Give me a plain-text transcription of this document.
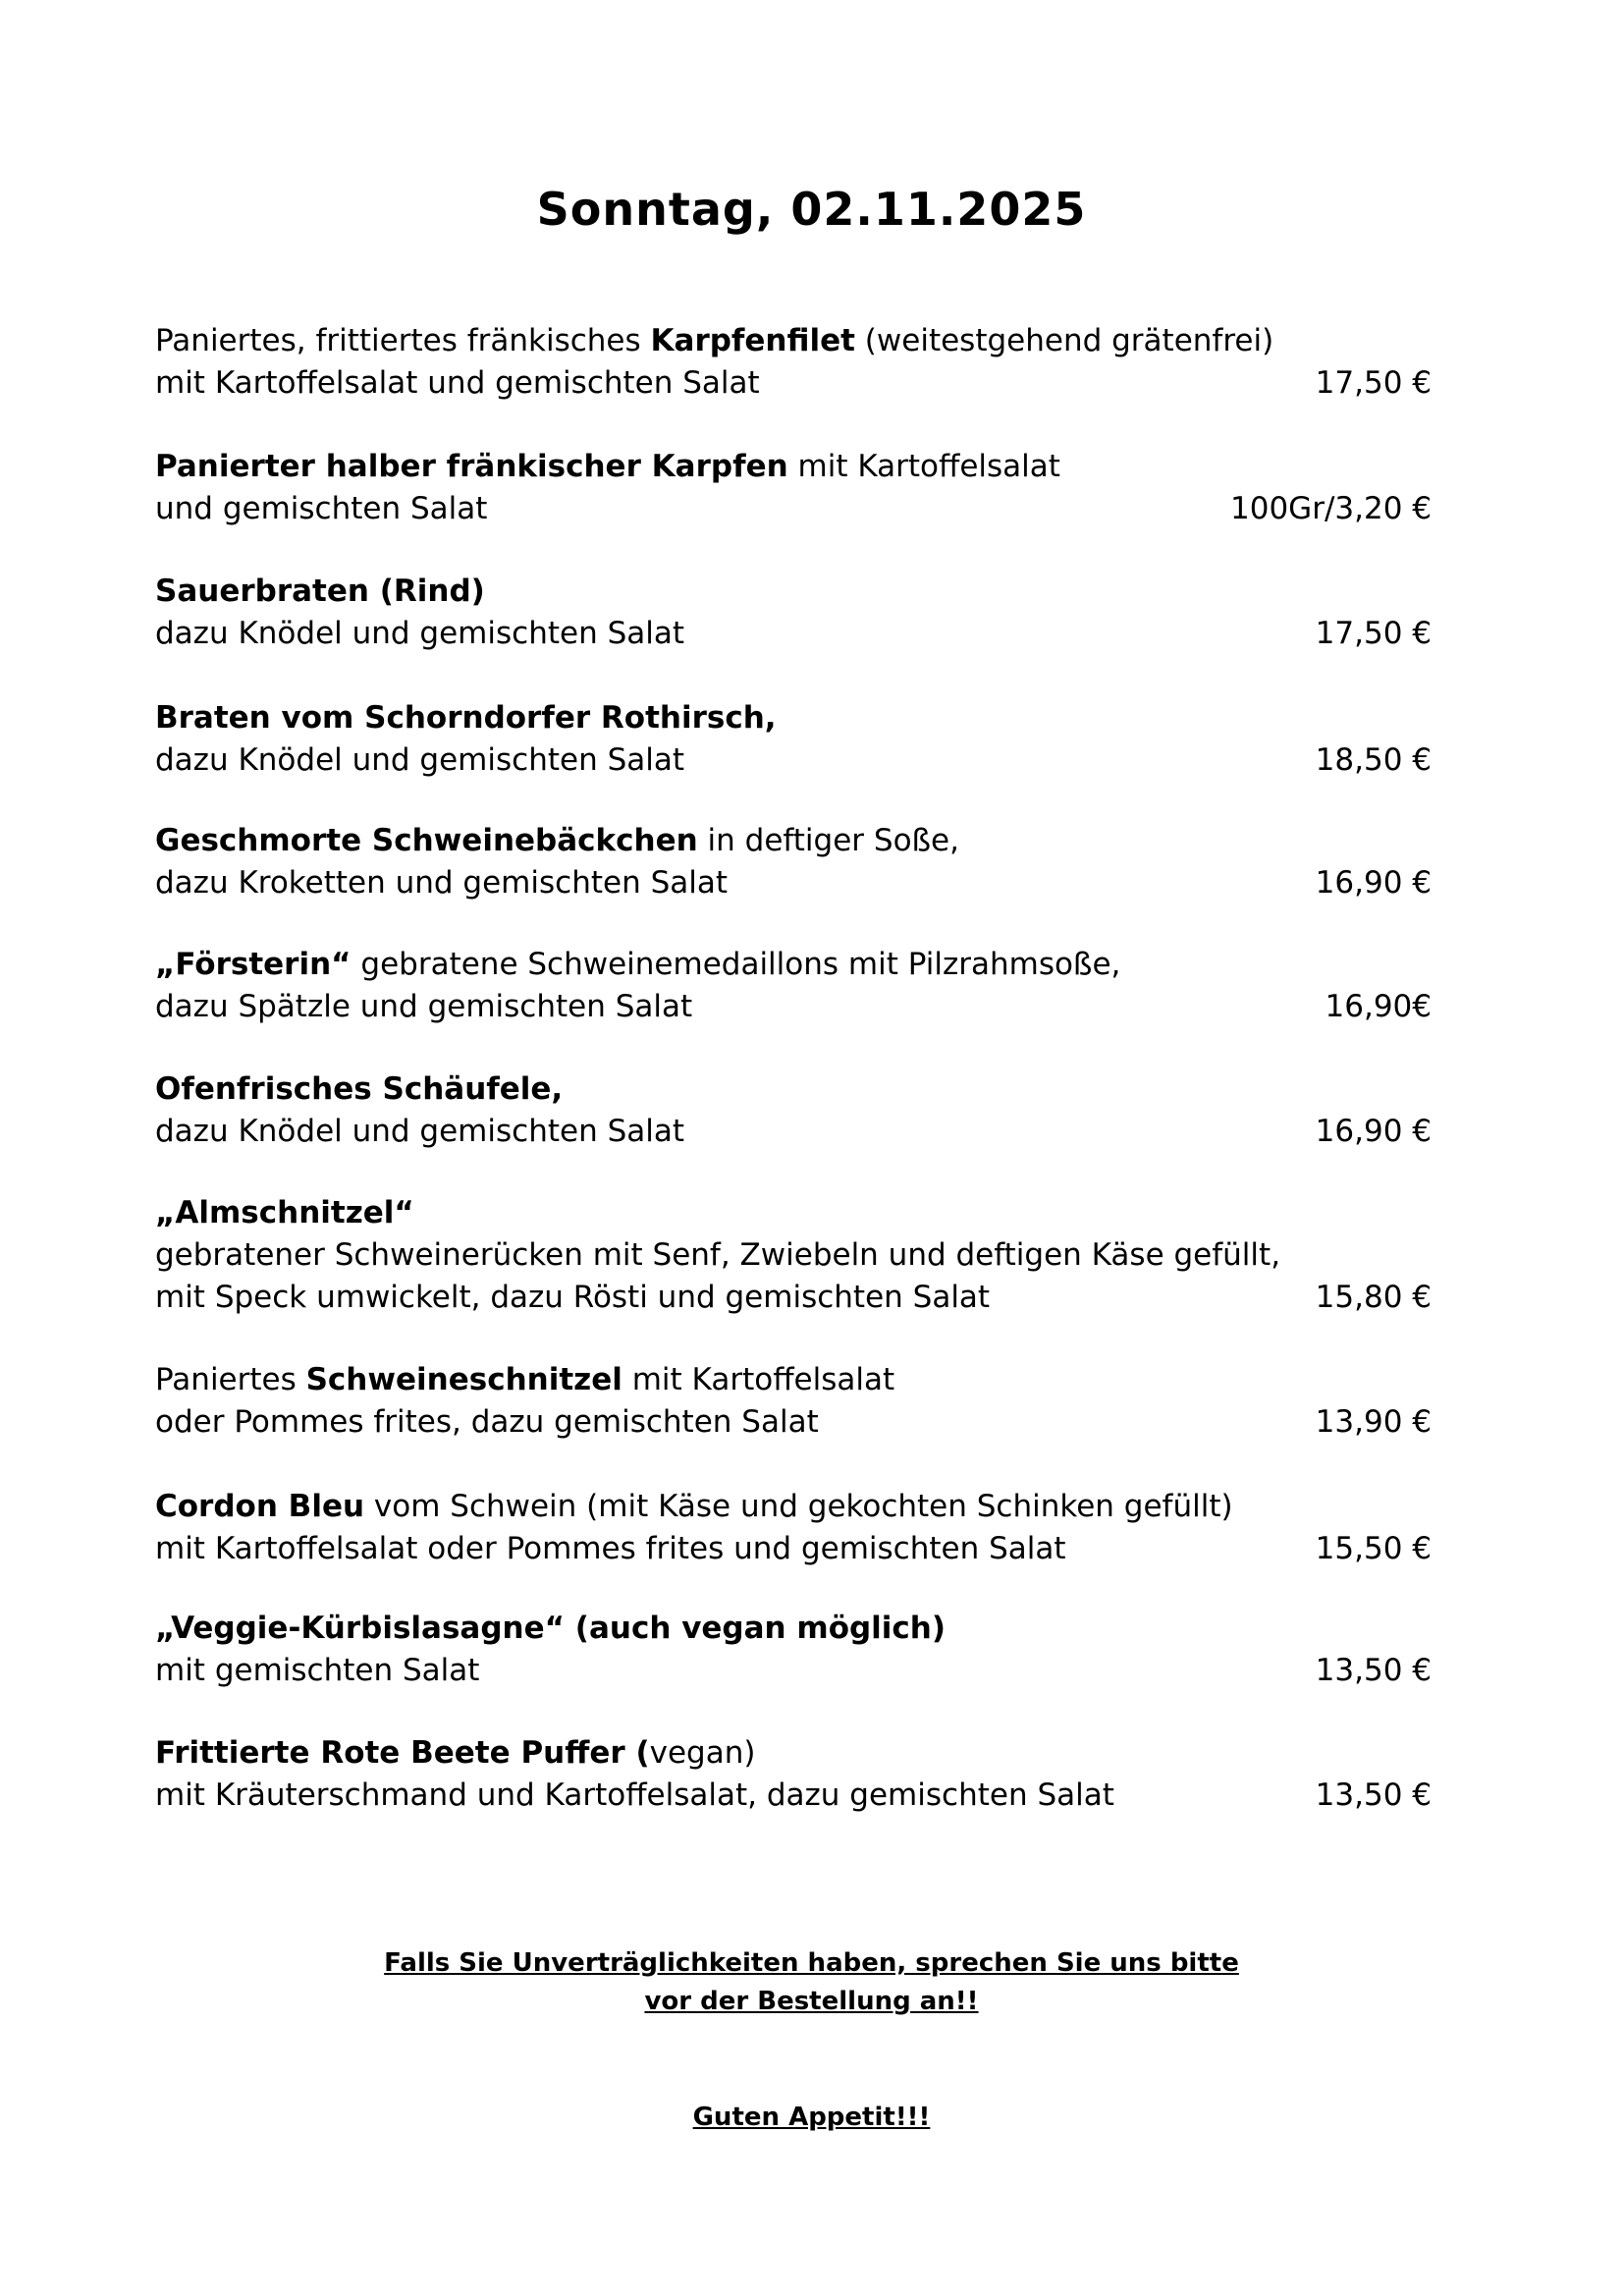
Sonntag, 02.11.2025
Paniertes, frittiertes fränkisches Karpfenfilet (weitestgehend grätenfrei)
mit Kartoffelsalat und gemischten Salat	17,50 €
Panierter halber fränkischer Karpfen mit Kartoffelsalat
und gemischten Salat	100Gr/3,20 €
Sauerbraten (Rind)
dazu Knödel und gemischten Salat	17,50 €
Braten vom Schorndorfer Rothirsch,
dazu Knödel und gemischten Salat	18,50 €
Geschmorte Schweinebäckchen in deftiger Soße,
dazu Kroketten und gemischten Salat	16,90 €
„Försterin“ gebratene Schweinemedaillons mit Pilzrahmsoße,
dazu Spätzle und gemischten Salat	16,90€
Ofenfrisches Schäufele,
dazu Knödel und gemischten Salat	16,90 €
„Almschnitzel“
gebratener Schweinerücken mit Senf, Zwiebeln und deftigen Käse gefüllt,
mit Speck umwickelt, dazu Rösti und gemischten Salat	15,80 €
Paniertes Schweineschnitzel mit Kartoffelsalat
oder Pommes frites, dazu gemischten Salat	13,90 €
Cordon Bleu vom Schwein (mit Käse und gekochten Schinken gefüllt)
mit Kartoffelsalat oder Pommes frites und gemischten Salat	15,50 €
„Veggie-Kürbislasagne“ (auch vegan möglich)
mit gemischten Salat	13,50 €
Frittierte Rote Beete Puffer (vegan)
mit Kräuterschmand und Kartoffelsalat, dazu gemischten Salat	13,50 €
Falls Sie Unverträglichkeiten haben, sprechen Sie uns bitte
vor der Bestellung an!!
Guten Appetit!!!
